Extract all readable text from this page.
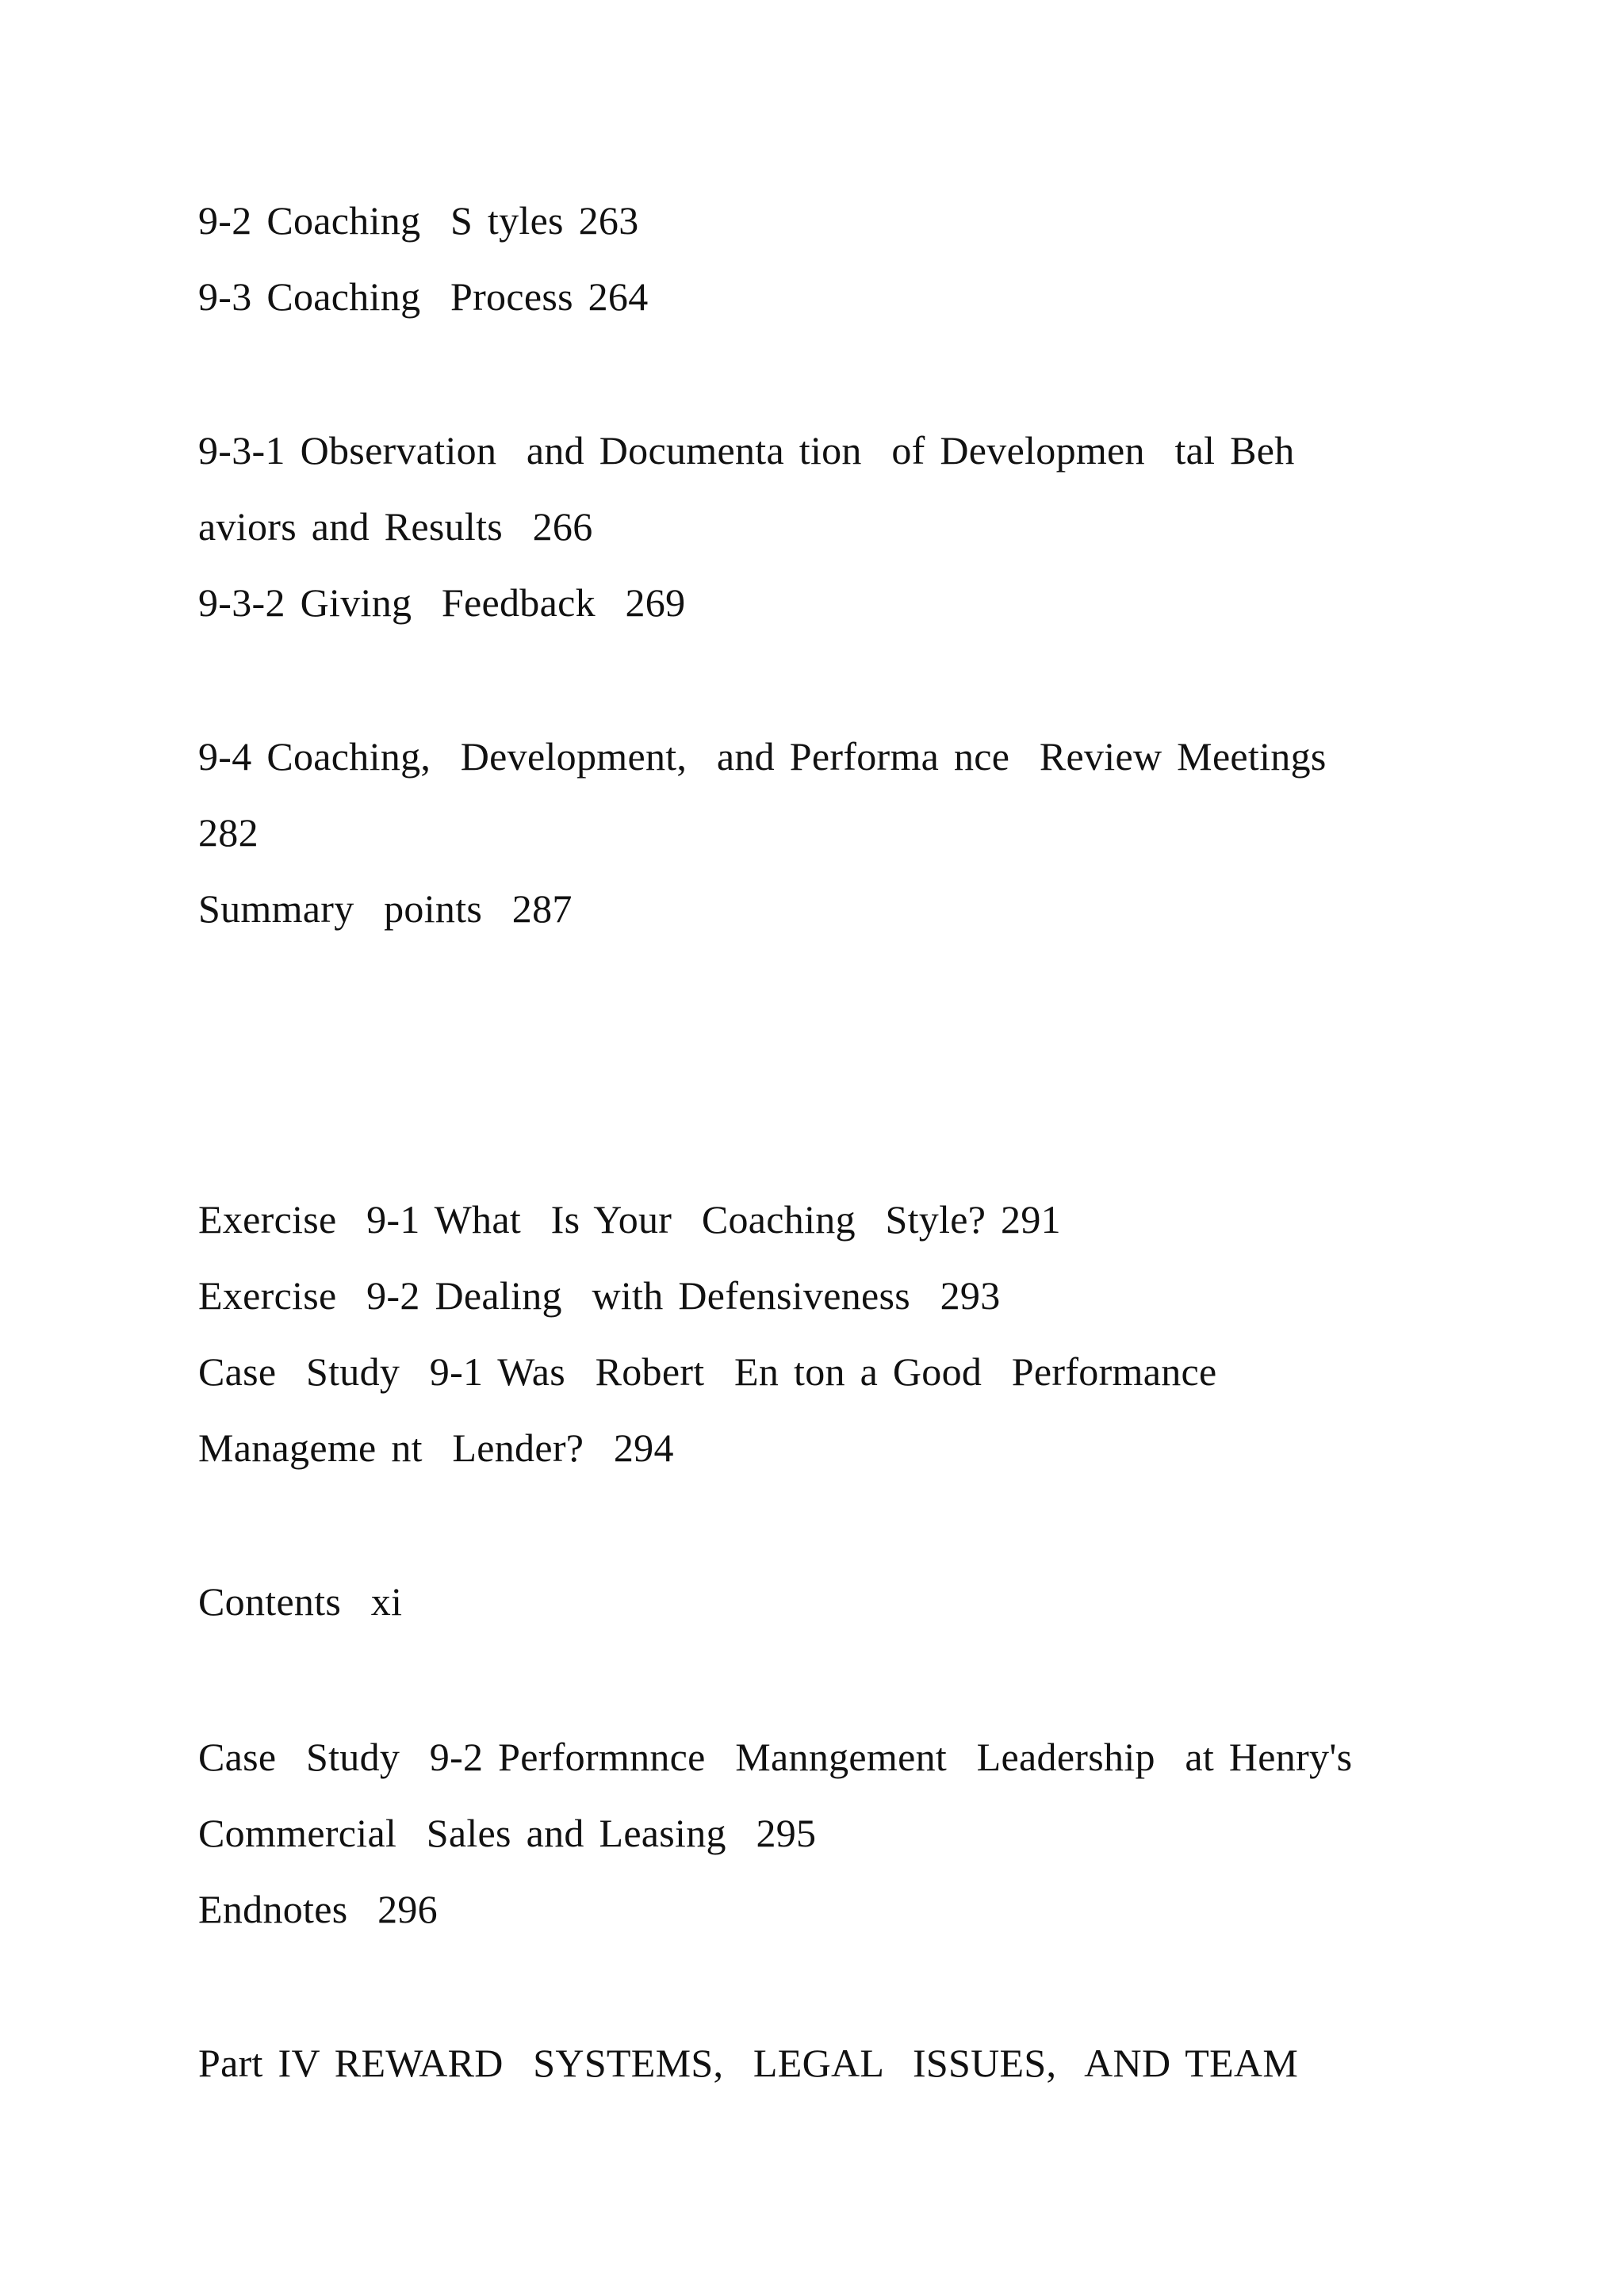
9-2 Coaching  S tyles 263
9-3 Coaching  Process 264
9-3-1 Observation  and Documenta tion  of Developmen  tal Beh
aviors and Results  266
9-3-2 Giving  Feedback  269
9-4 Coaching,  Development,  and Performa nce  Review Meetings
282
Summary  points  287
Exercise  9-1 What  Is Your  Coaching  Style? 291
Exercise  9-2 Dealing  with Defensiveness  293
Case  Study  9-1 Was  Robert  En ton a Good  Performance
Manageme nt  Lender?  294
Contents  xi
Case  Study  9-2 Performnnce  Manngement  Leadership  at Henry's
Commercial  Sales and Leasing  295
Endnotes  296
Part IV REWARD  SYSTEMS,  LEGAL  ISSUES,  AND TEAM
